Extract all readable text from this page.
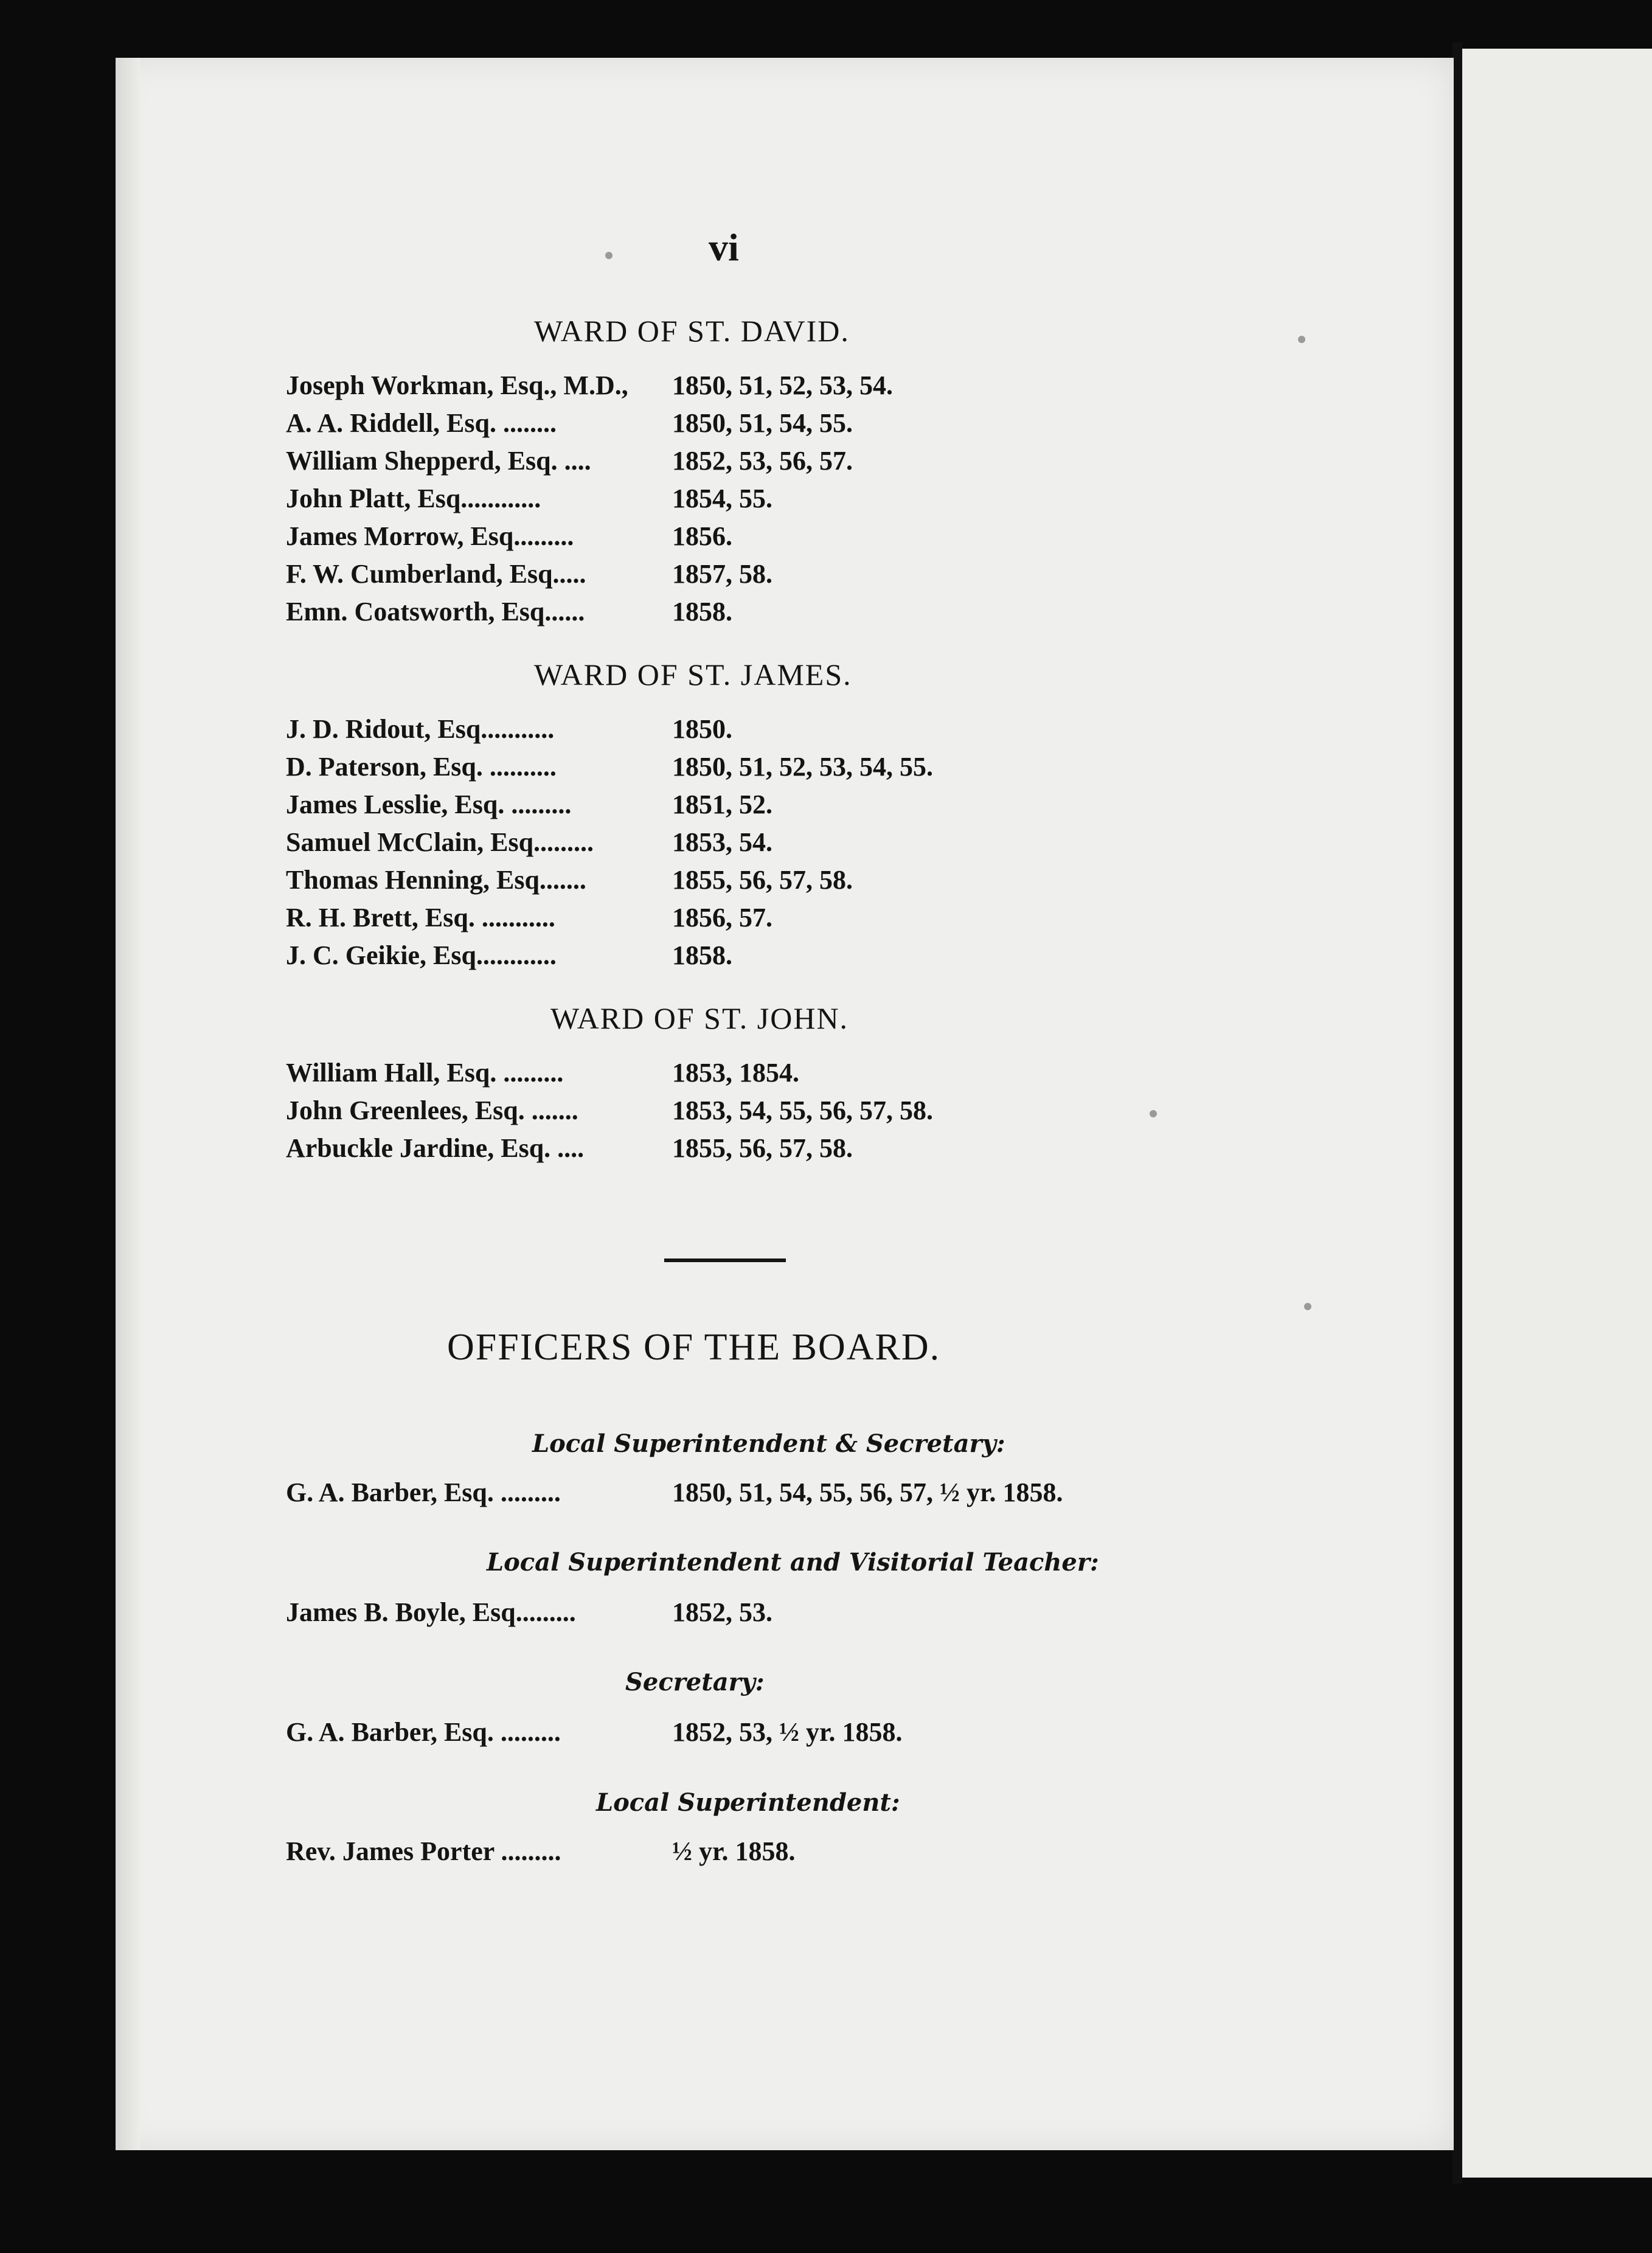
vi
WARD OF ST. DAVID.
Joseph Workman, Esq., M.D., 1850, 51, 52, 53, 54.
A. A. Riddell, Esq. ........	1850, 51, 54, 55.
William Shepperd, Esq. ....	1852, 53, 56, 57.
John Platt, Esq............	1854, 55.
James Morrow, Esq.........	1856.
F. W. Cumberland, Esq.....	1857, 58.
Emn. Coatsworth, Esq......	1858.
WARD OF ST. JAMES.
J. D. Ridout, Esq...........	1850.
D. Paterson, Esq. ..........	1850, 51, 52, 53, 54, 55.
James Lesslie, Esq. .........	1851, 52.
Samuel McClain, Esq.........	1853, 54.
Thomas Henning, Esq.......	1855, 56, 57, 58.
R. H. Brett, Esq. ...........	1856, 57.
J. C. Geikie, Esq............	1858.
WARD OF ST. JOHN.
William Hall, Esq. .........	1853, 1854.
John Greenlees, Esq. .......	1853, 54, 55, 56, 57, 58.
Arbuckle Jardine, Esq. ....	1855, 56, 57, 58.
OFFICERS OF THE BOARD.
Local Superintendent & Secretary:
G. A. Barber, Esq. .........	1850, 51, 54, 55, 56, 57, ½ yr. 1858.
Local Superintendent and Visitorial Teacher:
James B. Boyle, Esq.........	1852, 53.
Secretary:
G. A. Barber, Esq. .........	1852, 53, ½ yr. 1858.
Local Superintendent:
Rev. James Porter .........	½ yr. 1858.
